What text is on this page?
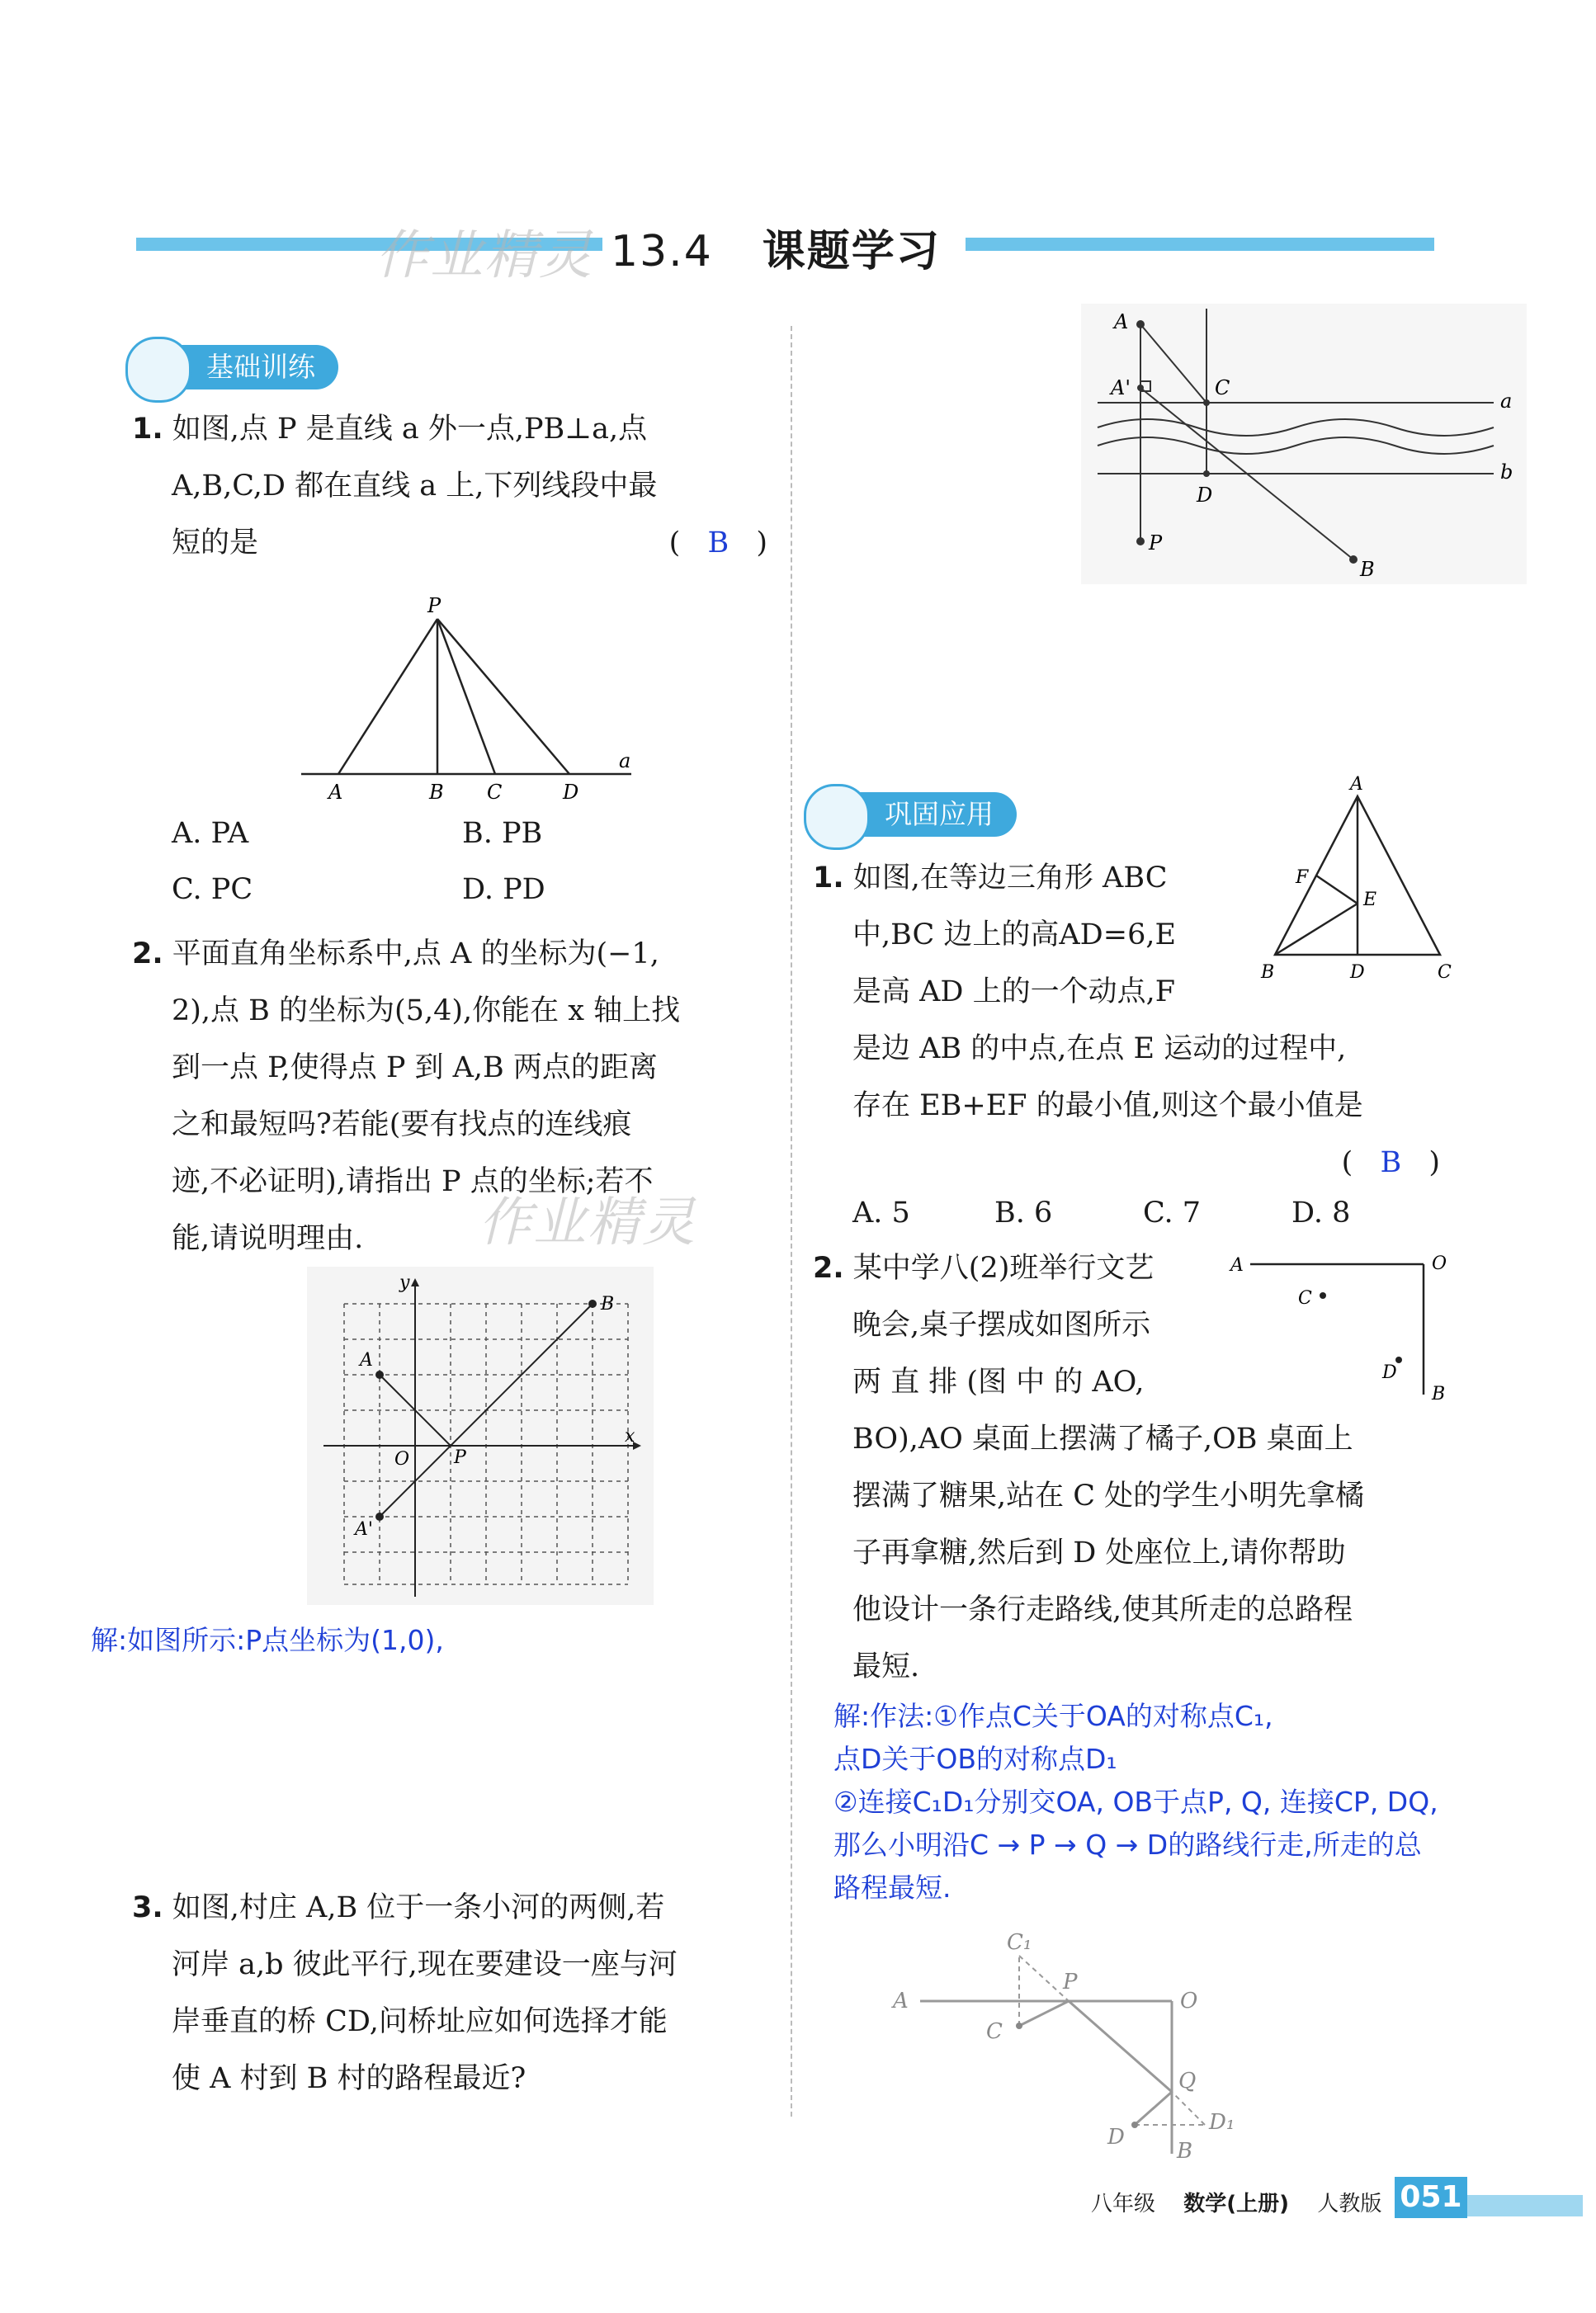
作业精灵 13.4 课题学习
基础训练
1. 如图,点 P 是直线 a 外一点,PB⊥a,点
A,B,C,D 都在直线 a 上,下列线段中最
短的是	( B )
P
A	B C	D
a
A. PA	B. PB
C. PC	D. PD
2. 平面直角坐标系中,点 A 的坐标为(−1,
2),点 B 的坐标为(5,4),你能在 x 轴上找
到一点 P,使得点 P 到 A,B 两点的距离
之和最短吗?若能(要有找点的连线痕
迹,不必证明),请指出 P 点的坐标;若不
能,请说明理由.	作业精灵
y
x
O
A
A'
B
P
解:如图所示:P点坐标为(1,0),
3. 如图,村庄 A,B 位于一条小河的两侧,若
河岸 a,b 彼此平行,现在要建设一座与河
岸垂直的桥 CD,问桥址应如何选择才能
使 A 村到 B 村的路程最近?
A
A'	C
D
P
B
a
b
巩固应用
1. 如图,在等边三角形 ABC
中,BC 边上的高AD=6,E
是高 AD 上的一个动点,F
是边 AB 的中点,在点 E 运动的过程中,
存在 EB+EF 的最小值,则这个最小值是
( B )
A
F
E
B	D	C
A. 5	B. 6	C. 7	D. 8
2. 某中学八(2)班举行文艺
晚会,桌子摆成如图所示
两 直 排 (图 中 的 AO,
BO),AO 桌面上摆满了橘子,OB 桌面上
摆满了糖果,站在 C 处的学生小明先拿橘
子再拿糖,然后到 D 处座位上,请你帮助
他设计一条行走路线,使其所走的总路程
最短.
A	O
C
D
B
解:作法:①作点C关于OA的对称点C₁,
点D关于OB的对称点D₁
②连接C₁D₁分别交OA, OB于点P, Q, 连接CP, DQ,
那么小明沿C → P → Q → D的路线行走,所走的总
路程最短.
A	O
C
C₁
P
Q
D
D₁
B
八年级 数学(上册) 人教版 051
